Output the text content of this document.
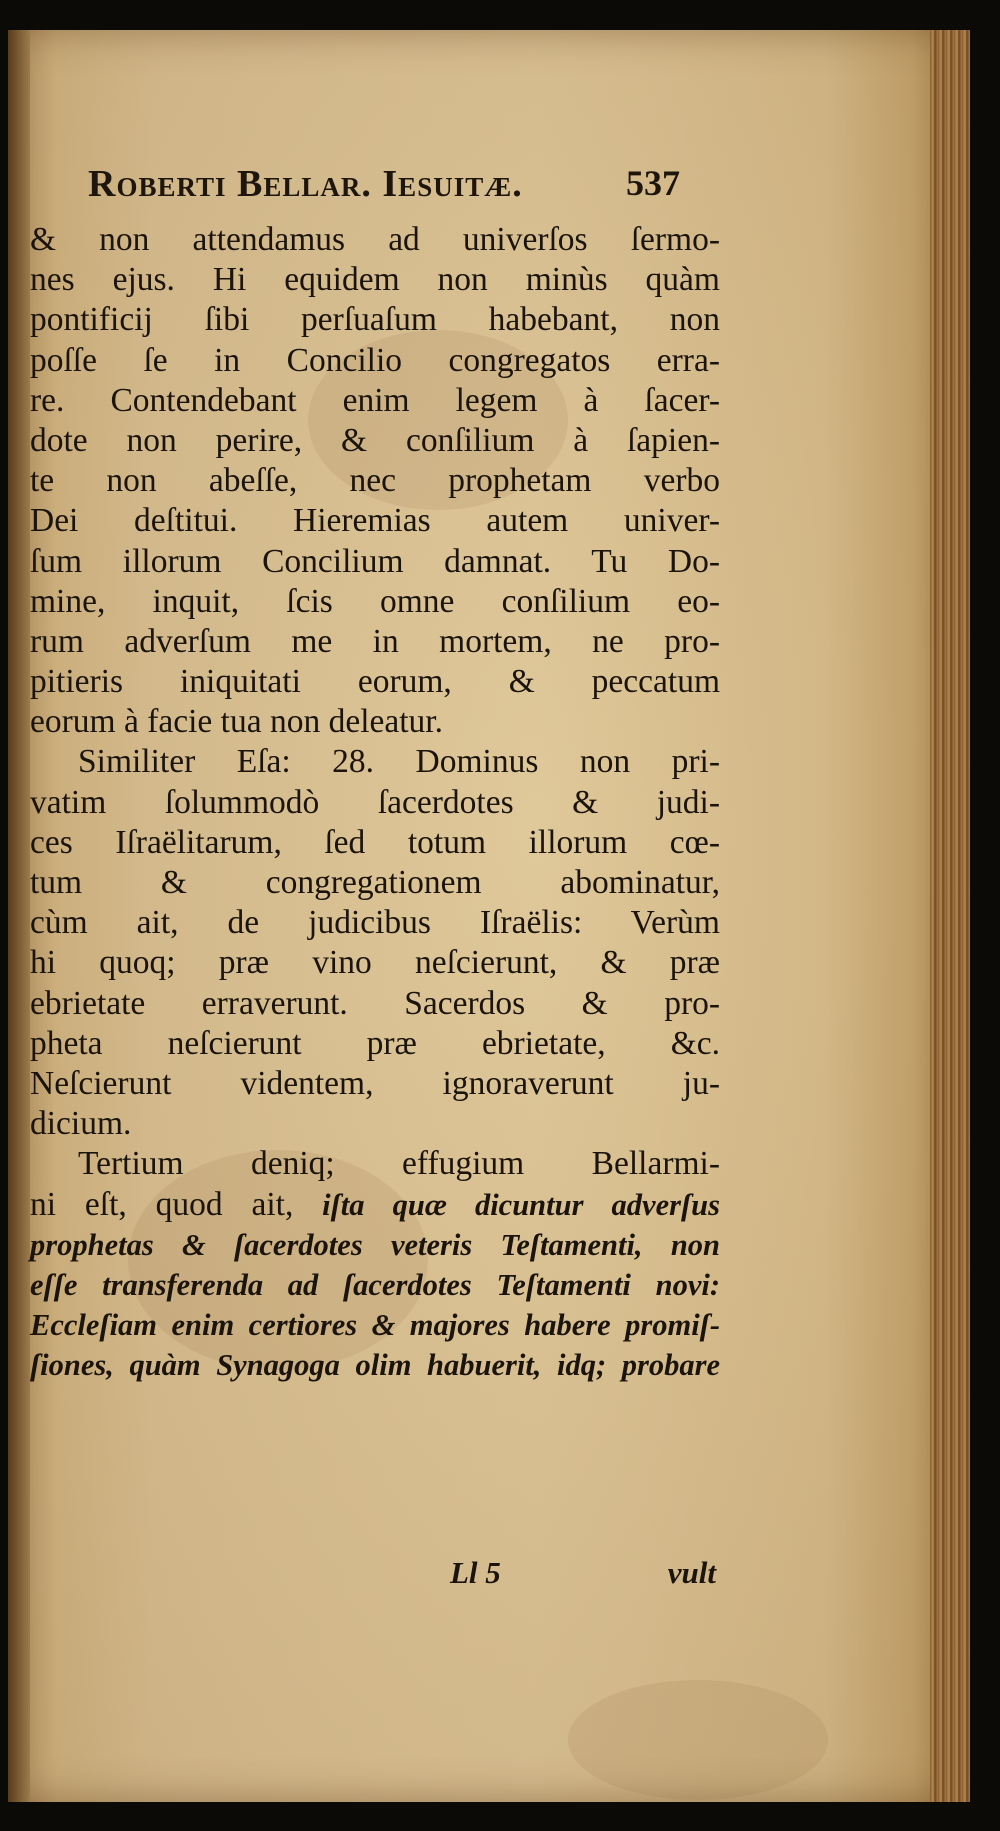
Roberti Bellar. Iesuitæ.	537
& non attendamus ad univerſos ſermo-
nes ejus. Hi equidem non minùs quàm
pontificij ſibi perſuaſum habebant, non
poſſe ſe in Concilio congregatos erra-
re. Contendebant enim legem à ſacer-
dote non perire, & conſilium à ſapien-
te non abeſſe, nec prophetam verbo
Dei deſtitui. Hieremias autem univer-
ſum illorum Concilium damnat. Tu Do-
mine, inquit, ſcis omne conſilium eo-
rum adverſum me in mortem, ne pro-
pitieris iniquitati eorum, & peccatum
eorum à facie tua non deleatur.
Similiter Eſa: 28. Dominus non pri-
vatim ſolummodò ſacerdotes & judi-
ces Iſraëlitarum, ſed totum illorum cœ-
tum & congregationem abominatur,
cùm ait, de judicibus Iſraëlis: Verùm
hi quoq; præ vino neſcierunt, & præ
ebrietate erraverunt. Sacerdos & pro-
pheta neſcierunt præ ebrietate, &c.
Neſcierunt videntem, ignoraverunt ju-
dicium.
Tertium deniq; effugium Bellarmi-
ni eſt, quod ait, iſta quæ dicuntur adverſus
prophetas & ſacerdotes veteris Teſtamenti, non
eſſe transferenda ad ſacerdotes Teſtamenti novi:
Eccleſiam enim certiores & majores habere promiſ-
ſiones, quàm Synagoga olim habuerit, idq; probare
Ll 5	vult
